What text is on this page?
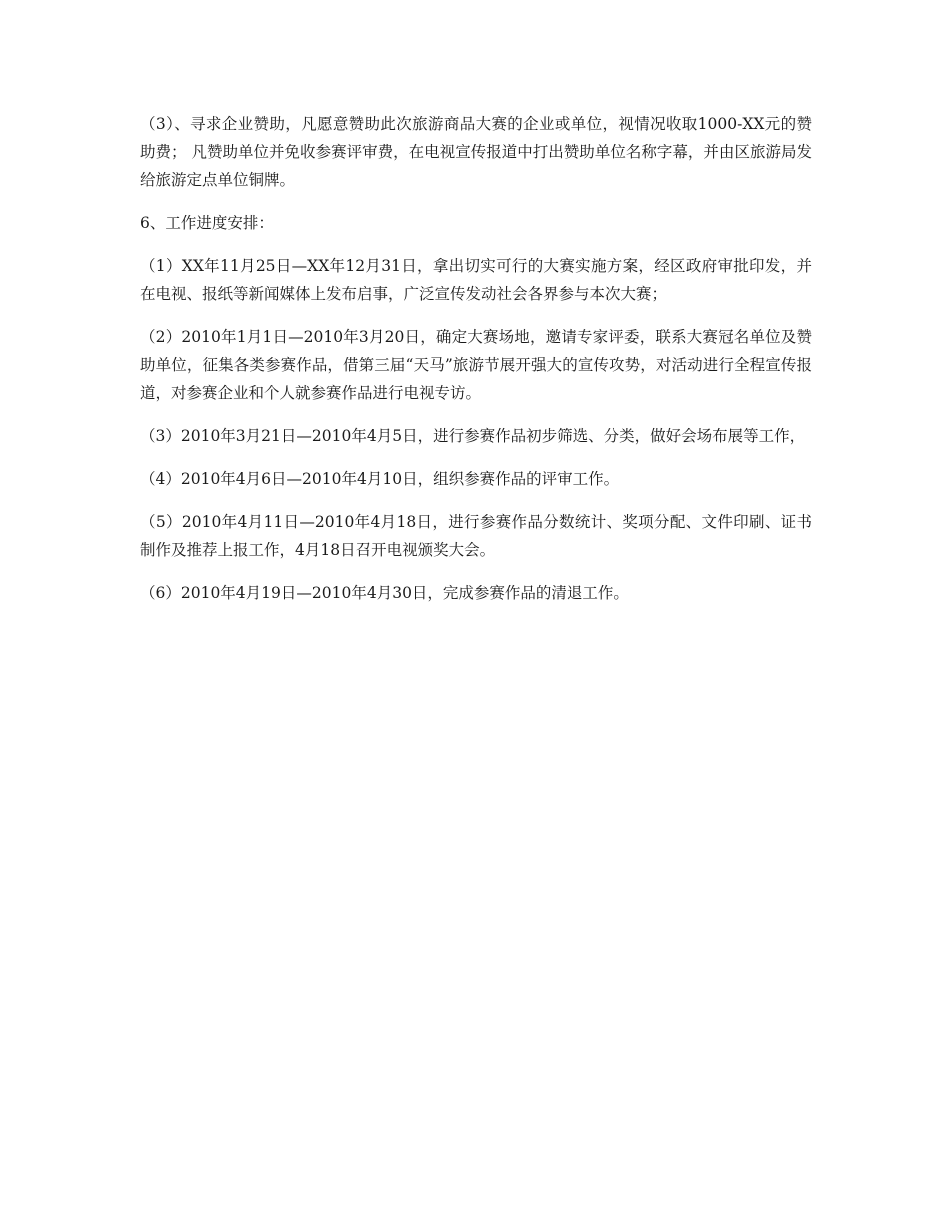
（3）、寻求企业赞助，凡愿意赞助此次旅游商品大赛的企业或单位，视情况收取1000-XX元的赞助费； 凡赞助单位并免收参赛评审费，在电视宣传报道中打出赞助单位名称字幕，并由区旅游局发给旅游定点单位铜牌。

6、工作进度安排：

（1）XX年11月25日—XX年12月31日，拿出切实可行的大赛实施方案，经区政府审批印发，并在电视、报纸等新闻媒体上发布启事，广泛宣传发动社会各界参与本次大赛；

（2）2010年1月1日—2010年3月20日，确定大赛场地，邀请专家评委，联系大赛冠名单位及赞助单位，征集各类参赛作品，借第三届“天马”旅游节展开强大的宣传攻势，对活动进行全程宣传报道，对参赛企业和个人就参赛作品进行电视专访。

（3）2010年3月21日—2010年4月5日，进行参赛作品初步筛选、分类，做好会场布展等工作，

（4）2010年4月6日—2010年4月10日，组织参赛作品的评审工作。

（5）2010年4月11日—2010年4月18日，进行参赛作品分数统计、奖项分配、文件印刷、证书制作及推荐上报工作，4月18日召开电视颁奖大会。

（6）2010年4月19日—2010年4月30日，完成参赛作品的清退工作。
